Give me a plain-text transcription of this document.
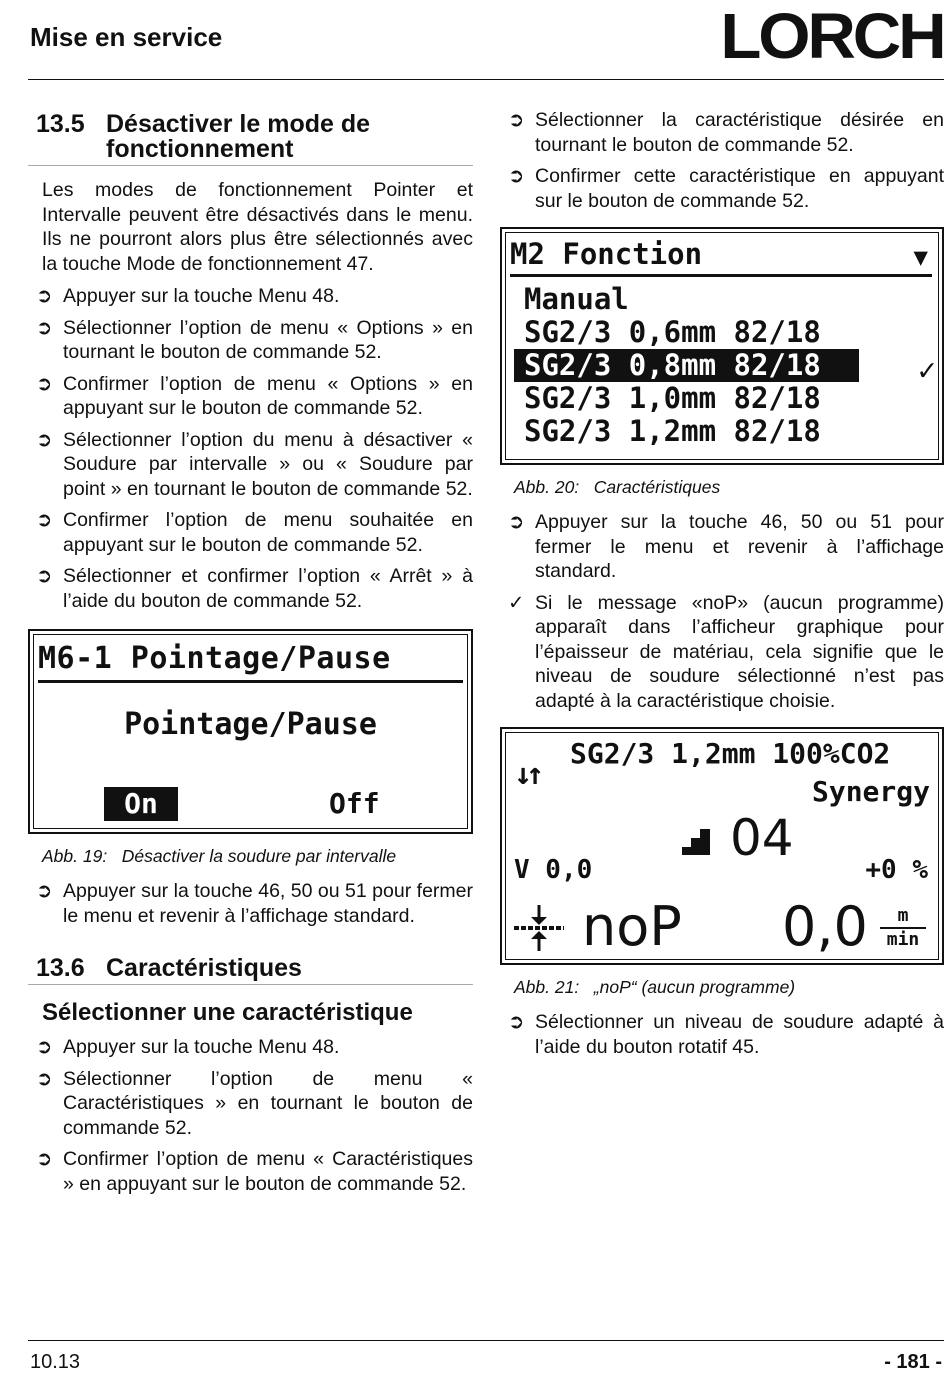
Mise en service	LORCH
13.5 Désactiver le mode de
fonctionnement
Les modes de fonctionnement Pointer et Intervalle peuvent être désactivés dans le menu. Ils ne pourront alors plus être sélectionnés avec la touche Mode de fonctionnement 47.
➲ Appuyer sur la touche Menu 48.
➲ Sélectionner l’option de menu « Options » en tournant le bouton de commande 52.
➲ Confirmer l’option de menu « Options » en appuyant sur le bouton de commande 52.
➲ Sélectionner l’option du menu à désactiver « Soudure par intervalle » ou « Soudure par point » en tournant le bouton de commande 52.
➲ Confirmer l’option de menu souhaitée en appuyant sur le bouton de commande 52.
➲ Sélectionner et confirmer l’option « Arrêt » à l’aide du bouton de commande 52.
M6-1 Pointage/Pause
Pointage/Pause
On	Off
Abb. 19: Désactiver la soudure par intervalle
➲ Appuyer sur la touche 46, 50 ou 51 pour fermer le menu et revenir à l’affichage standard.
13.6 Caractéristiques
Sélectionner une caractéristique
➲ Appuyer sur la touche Menu 48.
➲ Sélectionner l’option de menu « Caractéristiques » en tournant le bouton de commande 52.
➲ Confirmer l’option de menu « Caractéristiques » en appuyant sur le bouton de commande 52.
➲ Sélectionner la caractéristique désirée en tournant le bouton de commande 52.
➲ Confirmer cette caractéristique en appuyant sur le bouton de commande 52.
M2 Fonction	▼
Manual
SG2/3 0,6mm 82/18
SG2/3 0,8mm 82/18
SG2/3 1,0mm 82/18
SG2/3 1,2mm 82/18
✓
Abb. 20: Caractéristiques
➲ Appuyer sur la touche 46, 50 ou 51 pour fermer le menu et revenir à l’affichage standard.
✓ Si le message «noP» (aucun programme) apparaît dans l’afficheur graphique pour l’épaisseur de matériau, cela signifie que le niveau de soudure sélectionné n’est pas adapté à la caractéristique choisie.
↓↑
SG2/3 1,2mm 100%CO2
Synergy
04
V 0,0	+0 %
noP 0,0	m
min
Abb. 21: „noP“ (aucun programme)
➲ Sélectionner un niveau de soudure adapté à l’aide du bouton rotatif 45.
10.13	- 181 -
